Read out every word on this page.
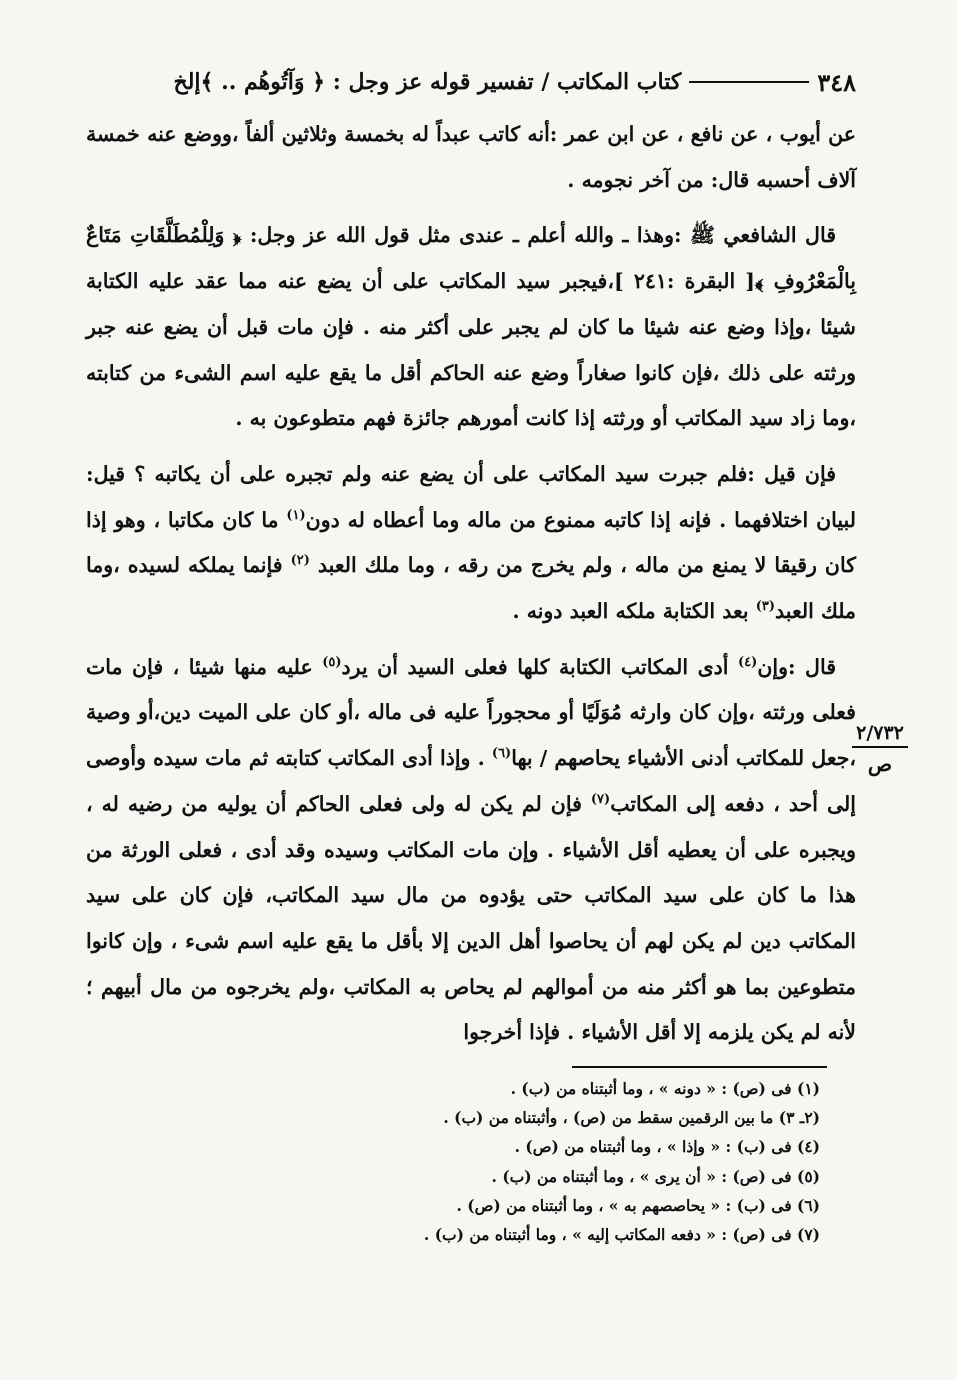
٣٤٨
كتاب المكاتب / تفسير قوله عز وجل : ﴿ وَآتُوهُم .. ﴾إلخ

عن أيوب ، عن نافع ، عن ابن عمر :أنه كاتب عبداً له بخمسة وثلاثين ألفاً ،ووضع عنه خمسة آلاف أحسبه قال: من آخر نجومه .

قال الشافعي ﷺ :وهذا ـ والله أعلم ـ عندى مثل قول الله عز وجل: ﴿ وَلِلْمُطَلَّقَاتِ مَتَاعٌ بِالْمَعْرُوفِ ﴾[ البقرة :٢٤١ ]،فيجبر سيد المكاتب على أن يضع عنه مما عقد عليه الكتابة شيئا ،وإذا وضع عنه شيئا ما كان لم يجبر على أكثر منه . فإن مات قبل أن يضع عنه جبر ورثته على ذلك ،فإن كانوا صغاراً وضع عنه الحاكم أقل ما يقع عليه اسم الشىء من كتابته ،وما زاد سيد المكاتب أو ورثته إذا كانت أمورهم جائزة فهم متطوعون به .

فإن قيل :فلم جبرت سيد المكاتب على أن يضع عنه ولم تجبره على أن يكاتبه ؟ قيل: لبيان اختلافهما . فإنه إذا كاتبه ممنوع من ماله وما أعطاه له دون$^{(١)}$ ما كان مكاتبا ، وهو إذا كان رقيقا لا يمنع من ماله ، ولم يخرج من رقه ، وما ملك العبد $^{(٢)}$ فإنما يملكه لسيده ،وما ملك العبد$^{(٣)}$ بعد الكتابة ملكه العبد دونه .

قال :وإن$^{(٤)}$ أدى المكاتب الكتابة كلها فعلى السيد أن يرد$^{(٥)}$ عليه منها شيئا ، فإن مات فعلى ورثته ،وإن كان وارثه مُوَلَيًا أو محجوراً عليه فى ماله ،أو كان على الميت دين،أو وصية ،جعل للمكاتب أدنى الأشياء يحاصهم / بها$^{(٦)}$ . وإذا أدى المكاتب كتابته ثم مات سيده وأوصى إلى أحد ، دفعه إلى المكاتب$^{(٧)}$ فإن لم يكن له ولى فعلى الحاكم أن يوليه من رضيه له ، ويجبره على أن يعطيه أقل الأشياء . وإن مات المكاتب وسيده وقد أدى ، فعلى الورثة من هذا ما كان على سيد المكاتب حتى يؤدوه من مال سيد المكاتب، فإن كان على سيد المكاتب دين لم يكن لهم أن يحاصوا أهل الدين إلا بأقل ما يقع عليه اسم شىء ، وإن كانوا متطوعين بما هو أكثر منه من أموالهم لم يحاص به المكاتب ،ولم يخرجوه من مال أبيهم ؛ لأنه لم يكن يلزمه إلا أقل الأشياء . فإذا أخرجوا

٢/٧٣٢
ص
(١) فى (ص) : « دونه » ، وما أثبتناه من (ب) .
(٢ـ ٣) ما بين الرقمين سقط من (ص) ، وأثبتناه من (ب) .
(٤) فى (ب) : « وإذا » ، وما أثبتناه من (ص) .
(٥) فى (ص) : « أن يرى » ، وما أثبتناه من (ب) .
(٦) فى (ب) : « يحاصصهم به » ، وما أثبتناه من (ص) .
(٧) فى (ص) : « دفعه المكاتب إليه » ، وما أثبتناه من (ب) .
